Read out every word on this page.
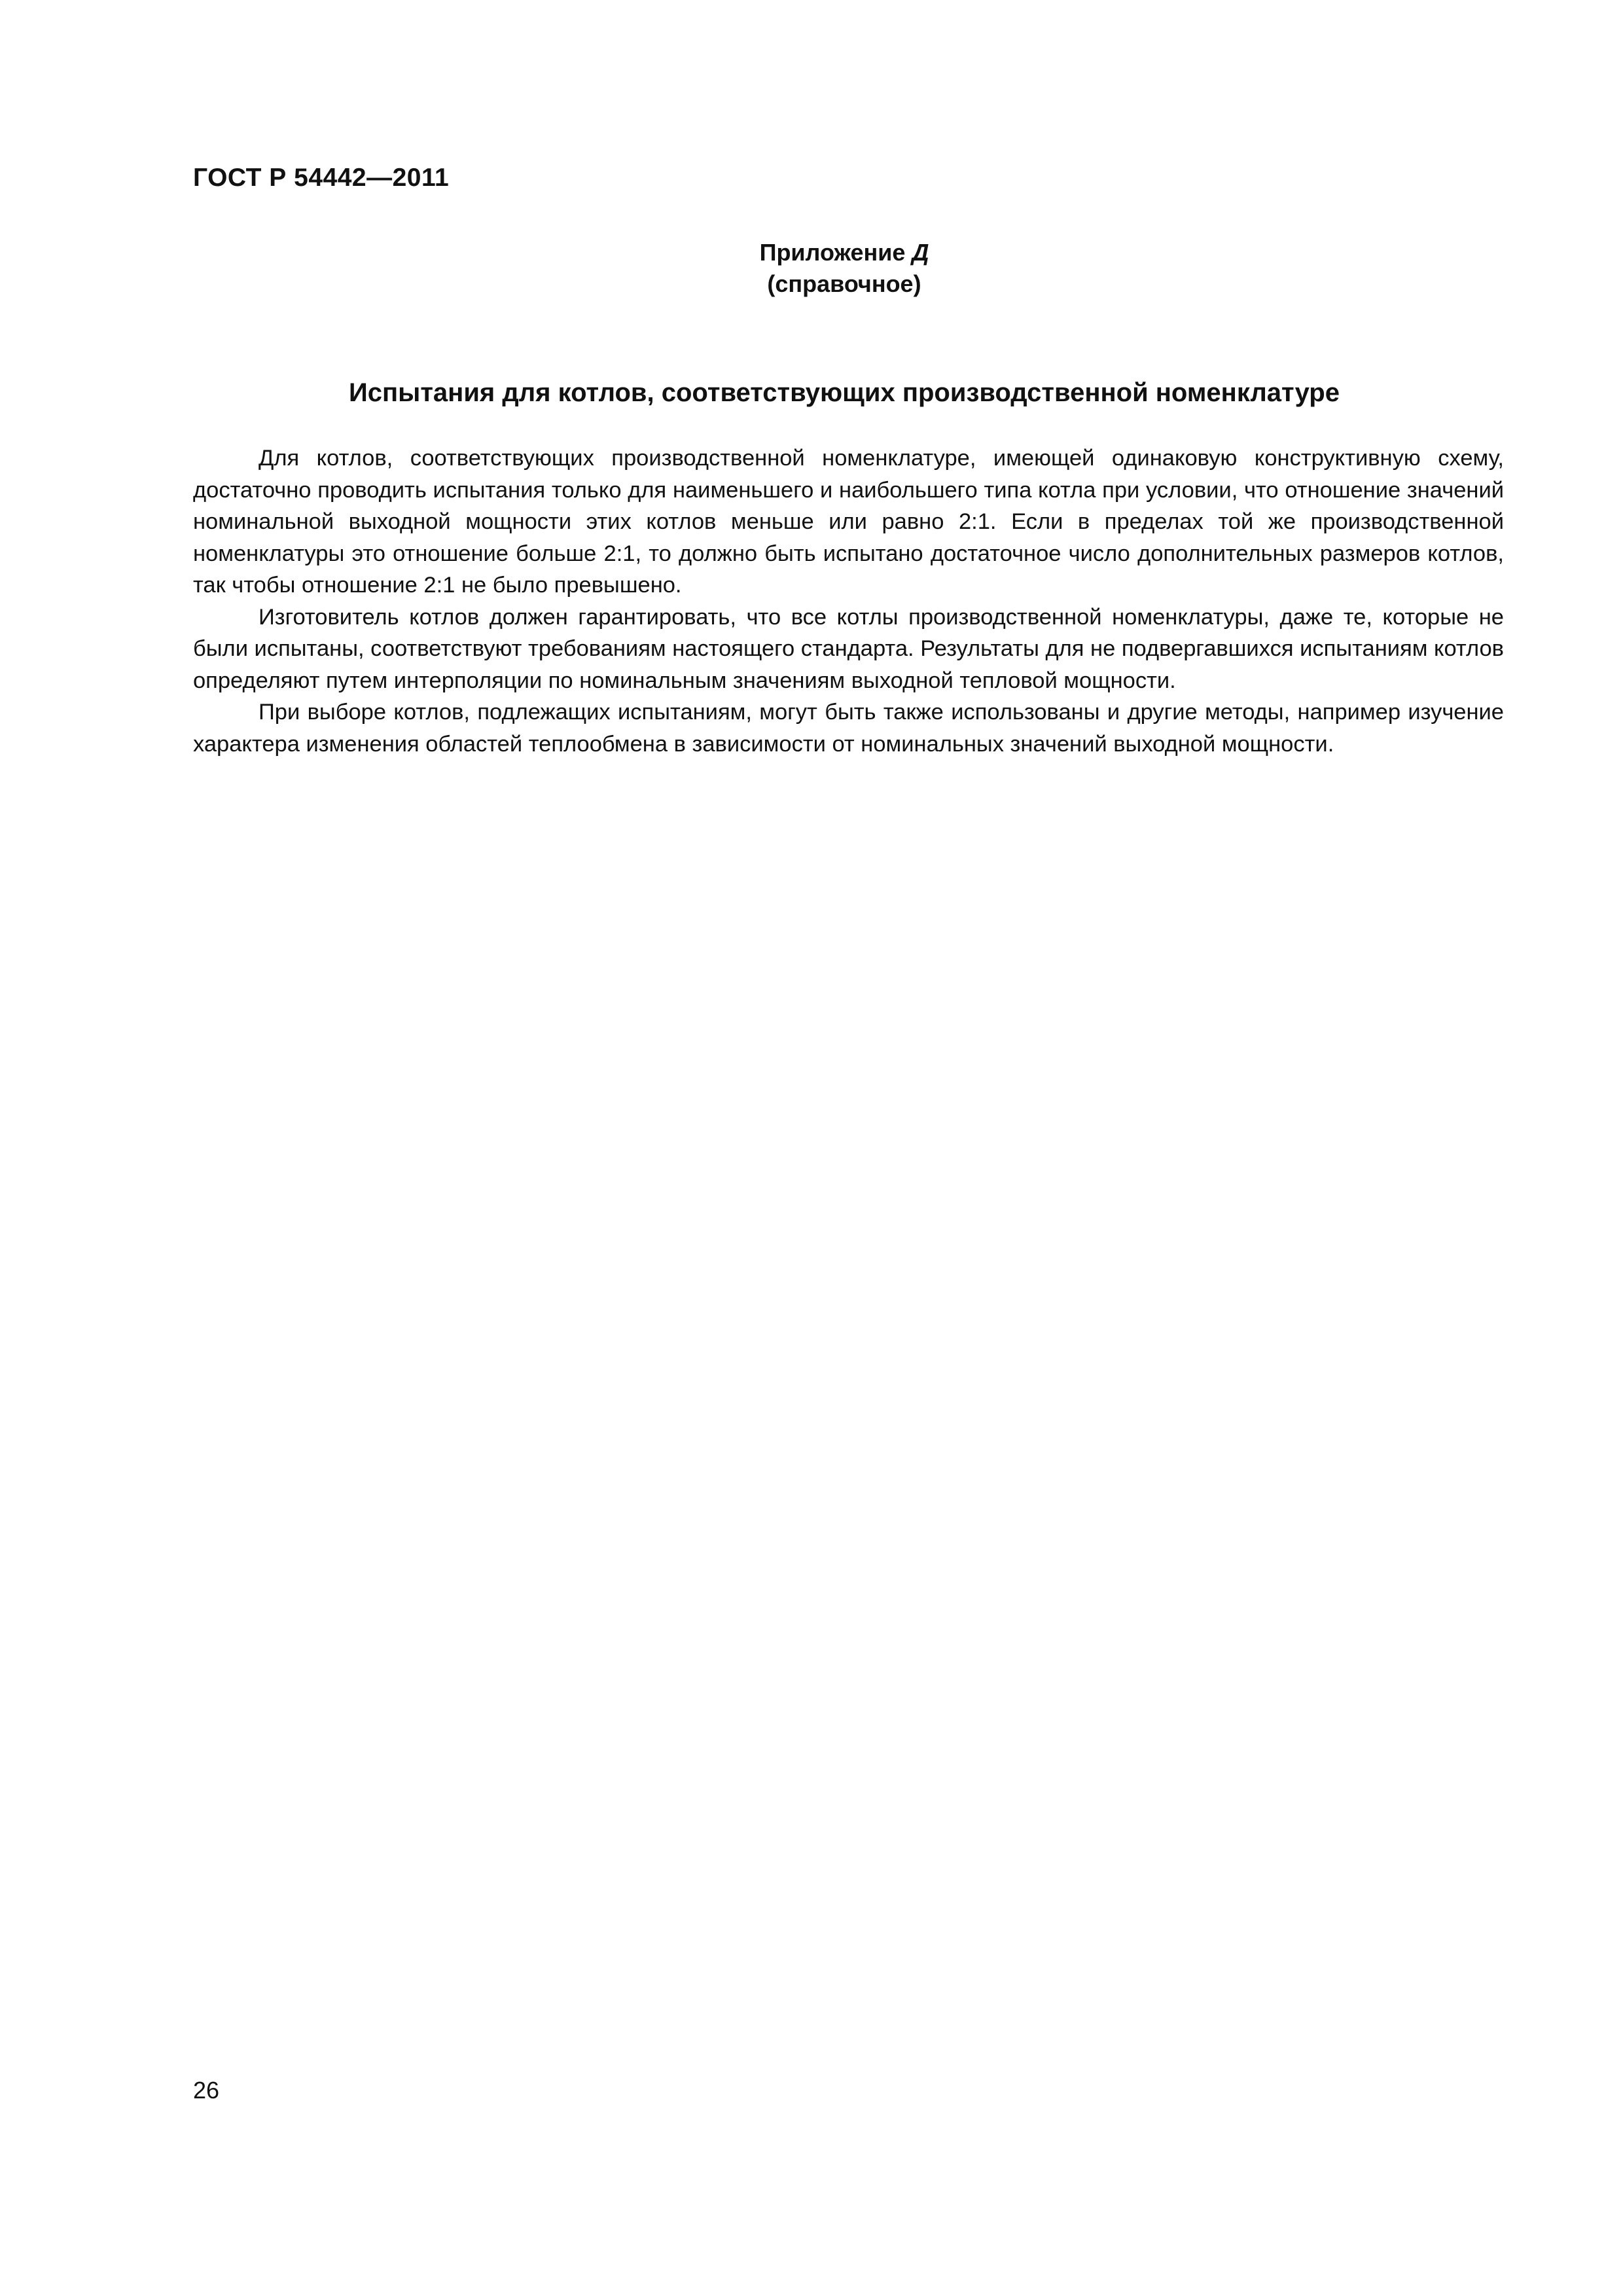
ГОСТ Р 54442—2011
Приложение Д
(справочное)
Испытания для котлов, соответствующих производственной номенклатуре

Для котлов, соответствующих производственной номенклатуре, имеющей одинаковую конструктивную схему, достаточно проводить испытания только для наименьшего и наибольшего типа котла при условии, что отношение значений номинальной выходной мощности этих котлов меньше или равно 2:1. Если в пределах той же производственной номенклатуры это отношение больше 2:1, то должно быть испытано достаточное число дополнительных размеров котлов, так чтобы отношение 2:1 не было превышено.

Изготовитель котлов должен гарантировать, что все котлы производственной номенклатуры, даже те, которые не были испытаны, соответствуют требованиям настоящего стандарта. Результаты для не подвергавшихся испытаниям котлов определяют путем интерполяции по номинальным значениям выходной тепловой мощности.

При выборе котлов, подлежащих испытаниям, могут быть также использованы и другие методы, например изучение характера изменения областей теплообмена в зависимости от номинальных значений выходной мощности.

26
